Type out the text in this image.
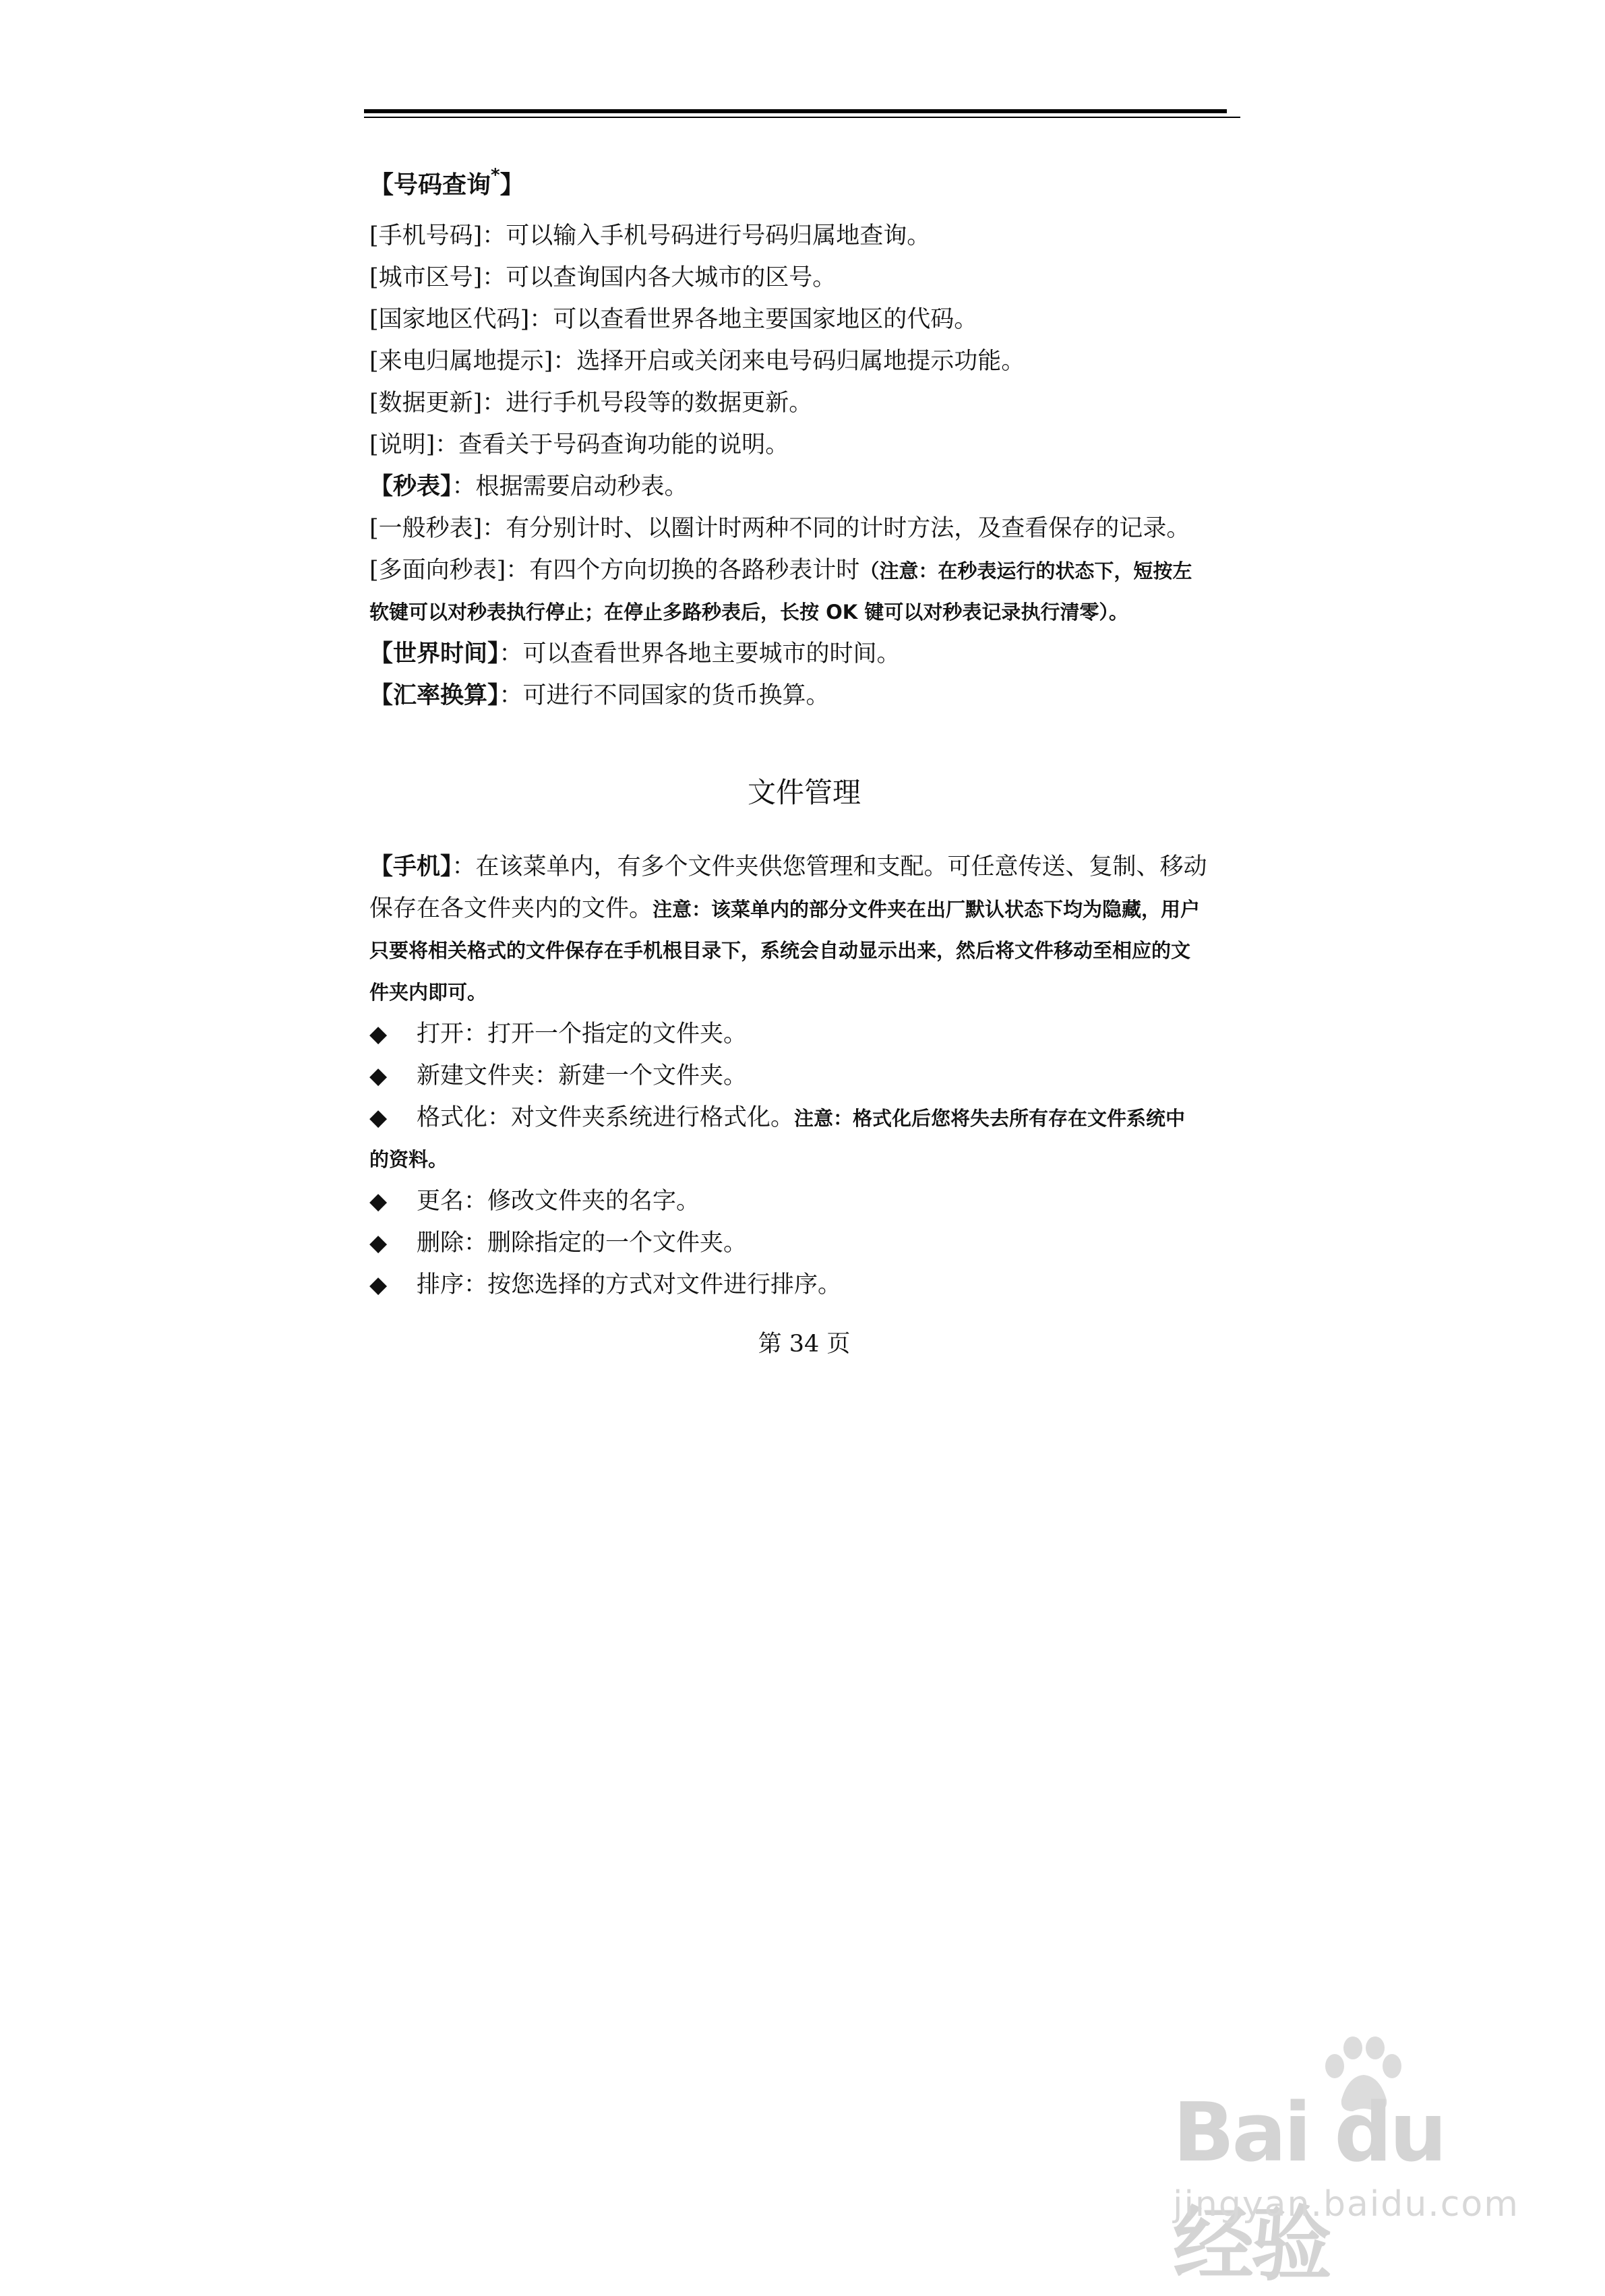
【号码查询*】
[手机号码]：可以输入手机号码进行号码归属地查询。
[城市区号]：可以查询国内各大城市的区号。
[国家地区代码]：可以查看世界各地主要国家地区的代码。
[来电归属地提示]：选择开启或关闭来电号码归属地提示功能。
[数据更新]：进行手机号段等的数据更新。
[说明]：查看关于号码查询功能的说明。
【秒表】：根据需要启动秒表。
[一般秒表]：有分别计时、以圈计时两种不同的计时方法，及查看保存的记录。
[多面向秒表]：有四个方向切换的各路秒表计时（注意：在秒表运行的状态下，短按左
软键可以对秒表执行停止；在停止多路秒表后，长按 OK 键可以对秒表记录执行清零）。
【世界时间】：可以查看世界各地主要城市的时间。
【汇率换算】：可进行不同国家的货币换算。
文件管理
【手机】：在该菜单内，有多个文件夹供您管理和支配。可任意传送、复制、移动
保存在各文件夹内的文件。注意：该菜单内的部分文件夹在出厂默认状态下均为隐藏，用户
只要将相关格式的文件保存在手机根目录下，系统会自动显示出来，然后将文件移动至相应的文
件夹内即可。
◆ 打开：打开一个指定的文件夹。
◆ 新建文件夹：新建一个文件夹。
◆ 格式化：对文件夹系统进行格式化。注意：格式化后您将失去所有存在文件系统中
的资料。
◆ 更名：修改文件夹的名字。
◆ 删除：删除指定的一个文件夹。
◆ 排序：按您选择的方式对文件进行排序。
第 34 页
Bai du 经验
jingyan.baidu.com
